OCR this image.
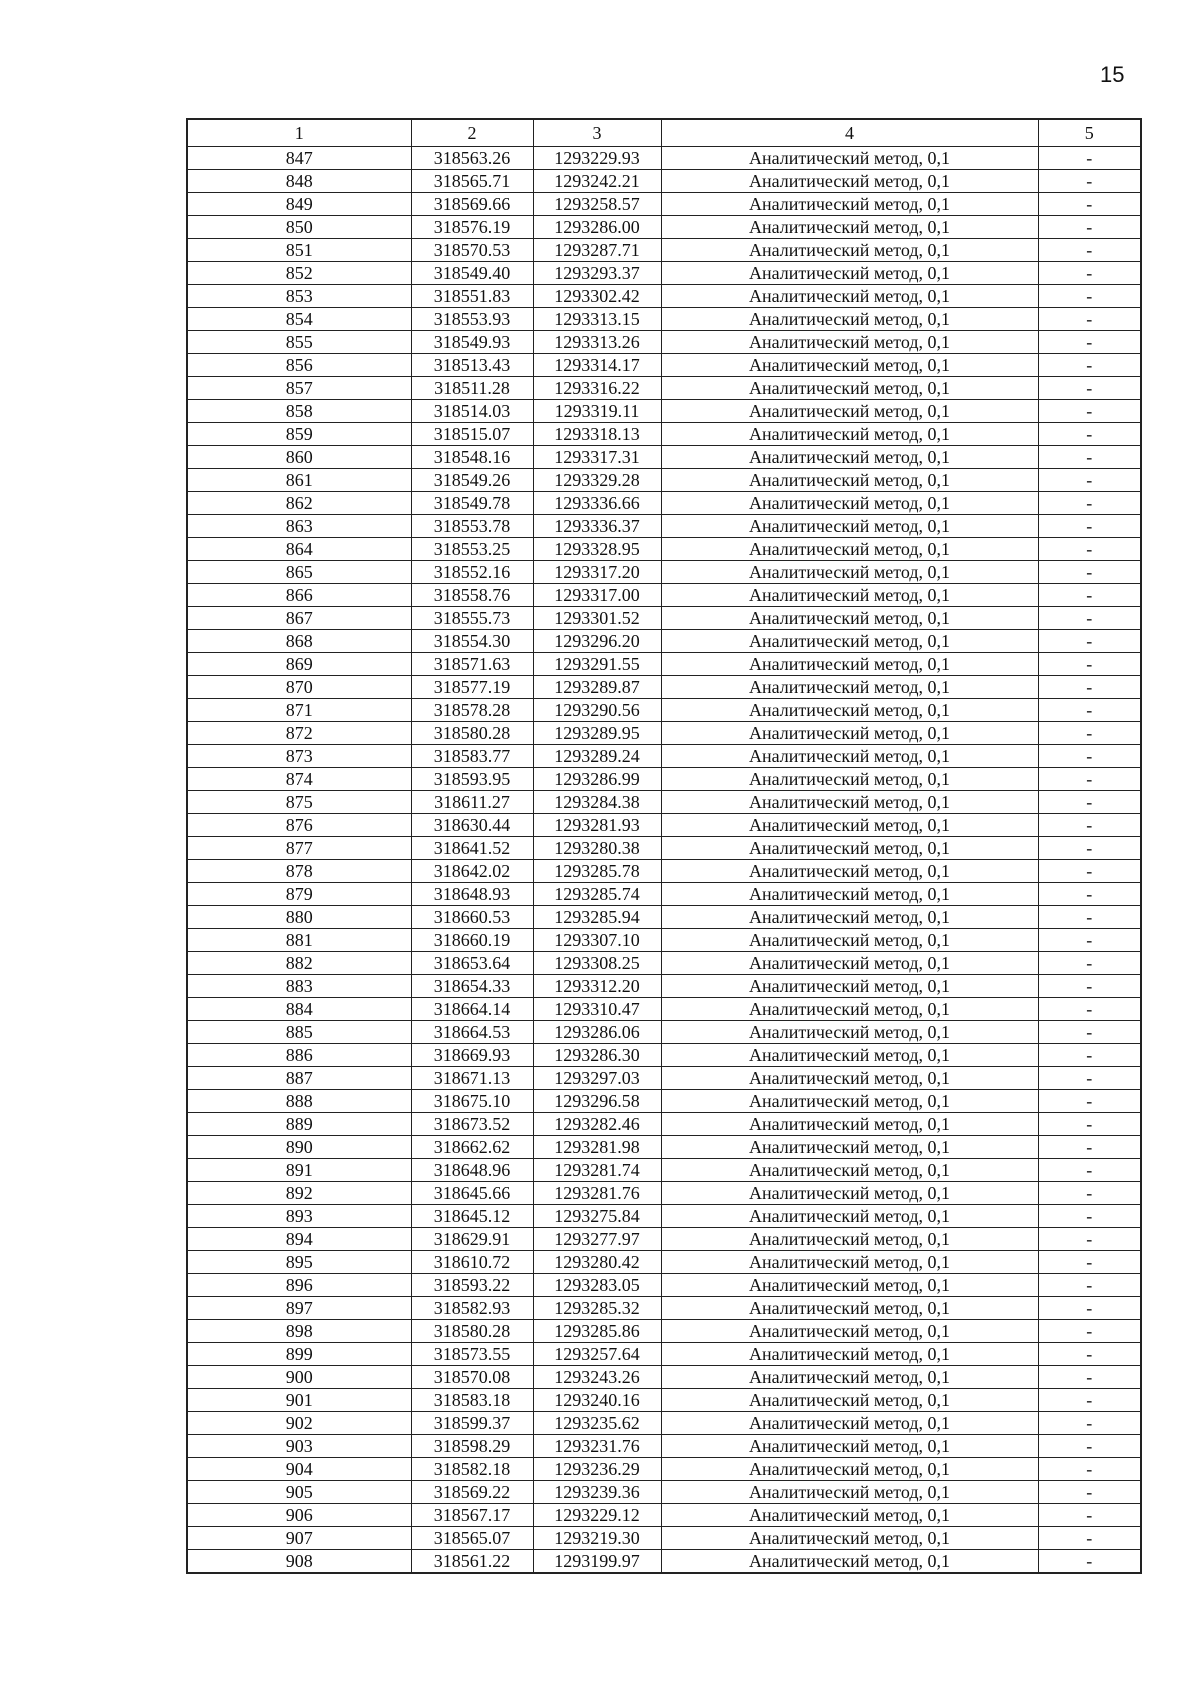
15
1	2	3	4	5
847	318563.26	1293229.93	Аналитический метод, 0,1	-
848	318565.71	1293242.21	Аналитический метод, 0,1	-
849	318569.66	1293258.57	Аналитический метод, 0,1	-
850	318576.19	1293286.00	Аналитический метод, 0,1	-
851	318570.53	1293287.71	Аналитический метод, 0,1	-
852	318549.40	1293293.37	Аналитический метод, 0,1	-
853	318551.83	1293302.42	Аналитический метод, 0,1	-
854	318553.93	1293313.15	Аналитический метод, 0,1	-
855	318549.93	1293313.26	Аналитический метод, 0,1	-
856	318513.43	1293314.17	Аналитический метод, 0,1	-
857	318511.28	1293316.22	Аналитический метод, 0,1	-
858	318514.03	1293319.11	Аналитический метод, 0,1	-
859	318515.07	1293318.13	Аналитический метод, 0,1	-
860	318548.16	1293317.31	Аналитический метод, 0,1	-
861	318549.26	1293329.28	Аналитический метод, 0,1	-
862	318549.78	1293336.66	Аналитический метод, 0,1	-
863	318553.78	1293336.37	Аналитический метод, 0,1	-
864	318553.25	1293328.95	Аналитический метод, 0,1	-
865	318552.16	1293317.20	Аналитический метод, 0,1	-
866	318558.76	1293317.00	Аналитический метод, 0,1	-
867	318555.73	1293301.52	Аналитический метод, 0,1	-
868	318554.30	1293296.20	Аналитический метод, 0,1	-
869	318571.63	1293291.55	Аналитический метод, 0,1	-
870	318577.19	1293289.87	Аналитический метод, 0,1	-
871	318578.28	1293290.56	Аналитический метод, 0,1	-
872	318580.28	1293289.95	Аналитический метод, 0,1	-
873	318583.77	1293289.24	Аналитический метод, 0,1	-
874	318593.95	1293286.99	Аналитический метод, 0,1	-
875	318611.27	1293284.38	Аналитический метод, 0,1	-
876	318630.44	1293281.93	Аналитический метод, 0,1	-
877	318641.52	1293280.38	Аналитический метод, 0,1	-
878	318642.02	1293285.78	Аналитический метод, 0,1	-
879	318648.93	1293285.74	Аналитический метод, 0,1	-
880	318660.53	1293285.94	Аналитический метод, 0,1	-
881	318660.19	1293307.10	Аналитический метод, 0,1	-
882	318653.64	1293308.25	Аналитический метод, 0,1	-
883	318654.33	1293312.20	Аналитический метод, 0,1	-
884	318664.14	1293310.47	Аналитический метод, 0,1	-
885	318664.53	1293286.06	Аналитический метод, 0,1	-
886	318669.93	1293286.30	Аналитический метод, 0,1	-
887	318671.13	1293297.03	Аналитический метод, 0,1	-
888	318675.10	1293296.58	Аналитический метод, 0,1	-
889	318673.52	1293282.46	Аналитический метод, 0,1	-
890	318662.62	1293281.98	Аналитический метод, 0,1	-
891	318648.96	1293281.74	Аналитический метод, 0,1	-
892	318645.66	1293281.76	Аналитический метод, 0,1	-
893	318645.12	1293275.84	Аналитический метод, 0,1	-
894	318629.91	1293277.97	Аналитический метод, 0,1	-
895	318610.72	1293280.42	Аналитический метод, 0,1	-
896	318593.22	1293283.05	Аналитический метод, 0,1	-
897	318582.93	1293285.32	Аналитический метод, 0,1	-
898	318580.28	1293285.86	Аналитический метод, 0,1	-
899	318573.55	1293257.64	Аналитический метод, 0,1	-
900	318570.08	1293243.26	Аналитический метод, 0,1	-
901	318583.18	1293240.16	Аналитический метод, 0,1	-
902	318599.37	1293235.62	Аналитический метод, 0,1	-
903	318598.29	1293231.76	Аналитический метод, 0,1	-
904	318582.18	1293236.29	Аналитический метод, 0,1	-
905	318569.22	1293239.36	Аналитический метод, 0,1	-
906	318567.17	1293229.12	Аналитический метод, 0,1	-
907	318565.07	1293219.30	Аналитический метод, 0,1	-
908	318561.22	1293199.97	Аналитический метод, 0,1	-
